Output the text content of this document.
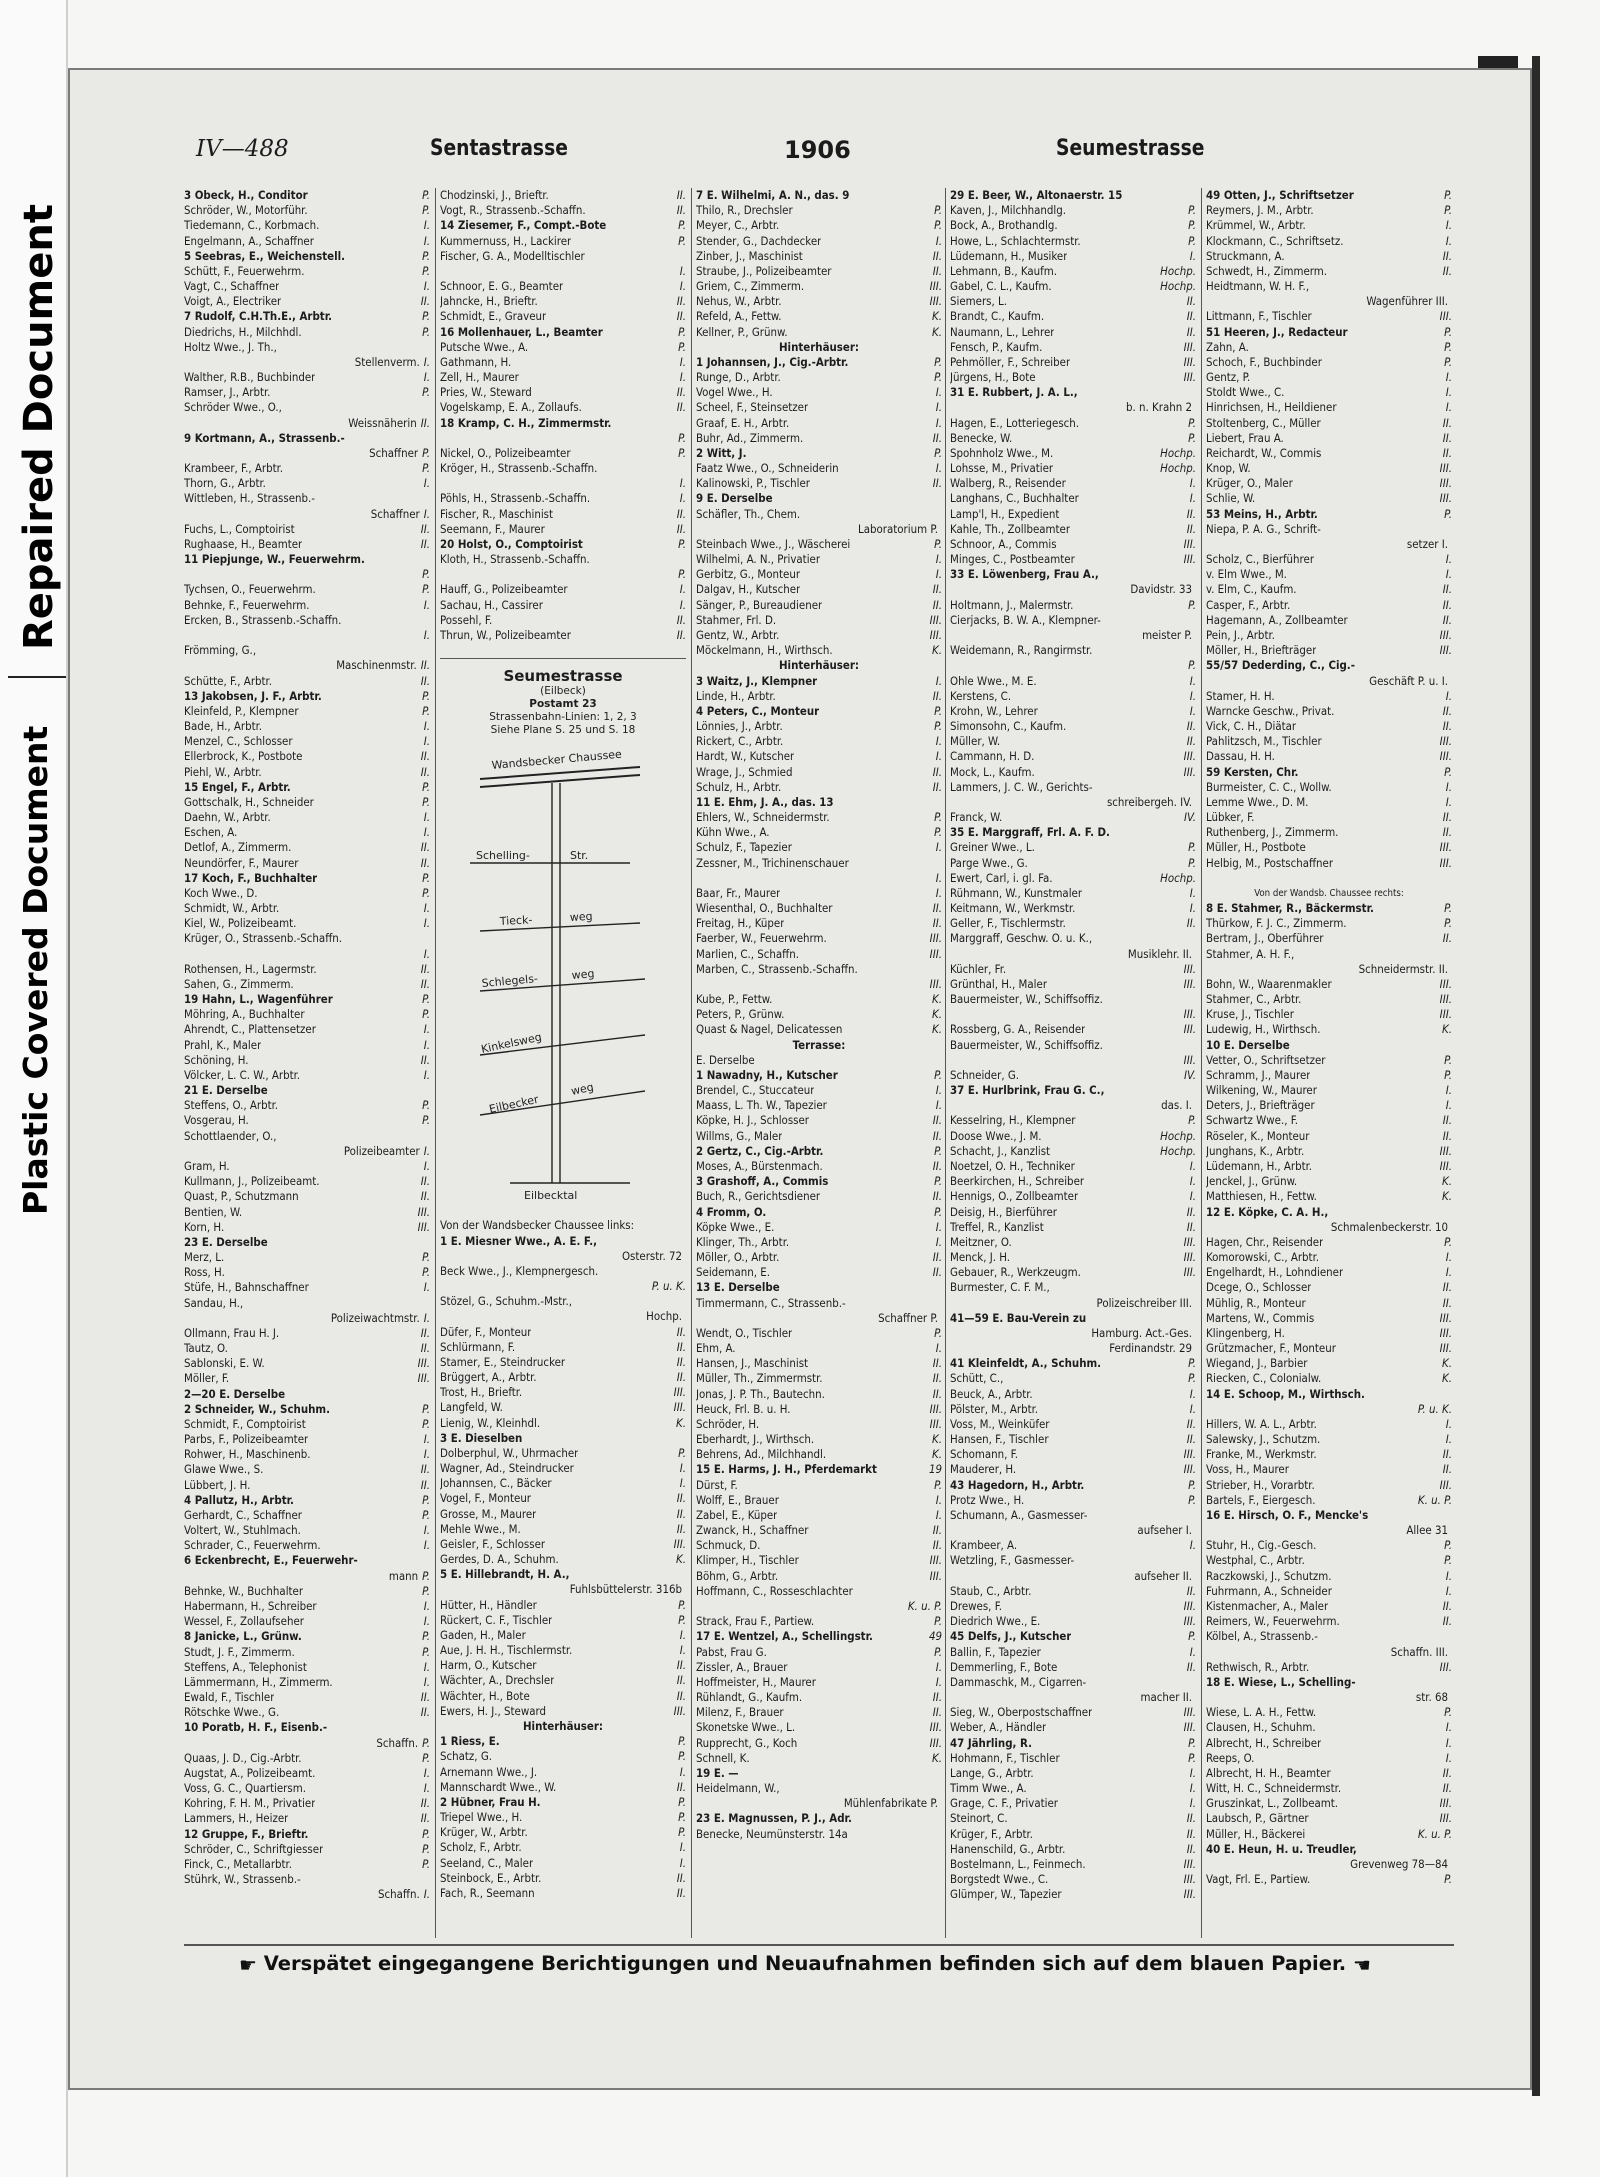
Repaired Document
Plastic Covered Document
IV—488	Sentastrasse	1906	Seumestrasse
3 Obeck, H., Conditor	P.
Schröder, W., Motorführ.	P.
Tiedemann, C., Korbmach.	I.
Engelmann, A., Schaffner	I.
5 Seebras, E., Weichenstell.	P.
Schütt, F., Feuerwehrm.	P.
Vagt, C., Schaffner	I.
Voigt, A., Electriker	II.
7 Rudolf, C.H.Th.E., Arbtr.	P.
Diedrichs, H., Milchhdl.	P.
Holtz Wwe., J. Th.,
Stellenverm. I.
Walther, R.B., Buchbinder	I.
Ramser, J., Arbtr.	P.
Schröder Wwe., O.,
Weissnäherin II.
9 Kortmann, A., Strassenb.-
Schaffner P.
Krambeer, F., Arbtr.	P.
Thorn, G., Arbtr.	I.
Wittleben, H., Strassenb.-
Schaffner I.
Fuchs, L., Comptoirist	II.
Rughaase, H., Beamter	II.
11 Piepjunge, W., Feuerwehrm.
P.
Tychsen, O., Feuerwehrm.	P.
Behnke, F., Feuerwehrm.	I.
Ercken, B., Strassenb.-Schaffn.
I.
Frömming, G.,
Maschinenmstr. II.
Schütte, F., Arbtr.	II.
13 Jakobsen, J. F., Arbtr.	P.
Kleinfeld, P., Klempner	P.
Bade, H., Arbtr.	I.
Menzel, C., Schlosser	I.
Ellerbrock, K., Postbote	II.
Piehl, W., Arbtr.	II.
15 Engel, F., Arbtr.	P.
Gottschalk, H., Schneider	P.
Daehn, W., Arbtr.	I.
Eschen, A.	I.
Detlof, A., Zimmerm.	II.
Neundörfer, F., Maurer	II.
17 Koch, F., Buchhalter	P.
Koch Wwe., D.	P.
Schmidt, W., Arbtr.	I.
Kiel, W., Polizeibeamt.	I.
Krüger, O., Strassenb.-Schaffn.
I.
Rothensen, H., Lagermstr.	II.
Sahen, G., Zimmerm.	II.
19 Hahn, L., Wagenführer	P.
Möhring, A., Buchhalter	P.
Ahrendt, C., Plattensetzer	I.
Prahl, K., Maler	I.
Schöning, H.	II.
Völcker, L. C. W., Arbtr.	I.
21 E. Derselbe
Steffens, O., Arbtr.	P.
Vosgerau, H.	P.
Schottlaender, O.,
Polizeibeamter I.
Gram, H.	I.
Kullmann, J., Polizeibeamt.	II.
Quast, P., Schutzmann	II.
Bentien, W.	III.
Korn, H.	III.
23 E. Derselbe
Merz, L.	P.
Ross, H.	P.
Stüfe, H., Bahnschaffner	I.
Sandau, H.,
Polizeiwachtmstr. I.
Ollmann, Frau H. J.	II.
Tautz, O.	II.
Sablonski, E. W.	III.
Möller, F.	III.
2—20 E. Derselbe
2 Schneider, W., Schuhm.	P.
Schmidt, F., Comptoirist	P.
Parbs, F., Polizeibeamter	I.
Rohwer, H., Maschinenb.	I.
Glawe Wwe., S.	II.
Lübbert, J. H.	II.
4 Pallutz, H., Arbtr.	P.
Gerhardt, C., Schaffner	P.
Voltert, W., Stuhlmach.	I.
Schrader, C., Feuerwehrm.	I.
6 Eckenbrecht, E., Feuerwehr-
mann P.
Behnke, W., Buchhalter	P.
Habermann, H., Schreiber	I.
Wessel, F., Zollaufseher	I.
8 Janicke, L., Grünw.	P.
Studt, J. F., Zimmerm.	P.
Steffens, A., Telephonist	I.
Lämmermann, H., Zimmerm.	I.
Ewald, F., Tischler	II.
Rötschke Wwe., G.	II.
10 Poratb, H. F., Eisenb.-
Schaffn. P.
Quaas, J. D., Cig.-Arbtr.	P.
Augstat, A., Polizeibeamt.	I.
Voss, G. C., Quartiersm.	I.
Kohring, F. H. M., Privatier	II.
Lammers, H., Heizer	II.
12 Gruppe, F., Brieftr.	P.
Schröder, C., Schriftgiesser	P.
Finck, C., Metallarbtr.	P.
Stührk, W., Strassenb.-
Schaffn. I.
Chodzinski, J., Brieftr.	II.
Vogt, R., Strassenb.-Schaffn.	II.
14 Ziesemer, F., Compt.-Bote	P.
Kummernuss, H., Lackirer	P.
Fischer, G. A., Modelltischler
I.
Schnoor, E. G., Beamter	I.
Jahncke, H., Brieftr.	II.
Schmidt, E., Graveur	II.
16 Mollenhauer, L., Beamter	P.
Putsche Wwe., A.	P.
Gathmann, H.	I.
Zell, H., Maurer	I.
Pries, W., Steward	II.
Vogelskamp, E. A., Zollaufs.	II.
18 Kramp, C. H., Zimmermstr.
P.
Nickel, O., Polizeibeamter	P.
Kröger, H., Strassenb.-Schaffn.
I.
Pöhls, H., Strassenb.-Schaffn.	I.
Fischer, R., Maschinist	II.
Seemann, F., Maurer	II.
20 Holst, O., Comptoirist	P.
Kloth, H., Strassenb.-Schaffn.
P.
Hauff, G., Polizeibeamter	I.
Sachau, H., Cassirer	I.
Possehl, F.	II.
Thrun, W., Polizeibeamter	II.
Seumestrasse
(Eilbeck)
Postamt 23
Strassenbahn-Linien: 1, 2, 3
Siehe Plane S. 25 und S. 18
Wandsbecker Chaussee
Schelling-	Str.
Tieck-	weg
Schlegels-	weg
Kinkelsweg
Eilbecker
weg
Eilbecktal
Von der Wandsbecker Chaussee links:
1 E. Miesner Wwe., A. E. F.,
Osterstr. 72
Beck Wwe., J., Klempnergesch.
P. u. K.
Stözel, G., Schuhm.-Mstr.,
Hochp.
Düfer, F., Monteur	II.
Schlürmann, F.	II.
Stamer, E., Steindrucker	II.
Brüggert, A., Arbtr.	II.
Trost, H., Brieftr.	III.
Langfeld, W.	III.
Lienig, W., Kleinhdl.	K.
3 E. Dieselben
Dolberphul, W., Uhrmacher	P.
Wagner, Ad., Steindrucker	I.
Johannsen, C., Bäcker	I.
Vogel, F., Monteur	II.
Grosse, M., Maurer	II.
Mehle Wwe., M.	II.
Geisler, F., Schlosser	III.
Gerdes, D. A., Schuhm.	K.
5 E. Hillebrandt, H. A.,
Fuhlsbüttelerstr. 316b
Hütter, H., Händler	P.
Rückert, C. F., Tischler	P.
Gaden, H., Maler	I.
Aue, J. H. H., Tischlermstr.	I.
Harm, O., Kutscher	II.
Wächter, A., Drechsler	II.
Wächter, H., Bote	II.
Ewers, H. J., Steward	III.
Hinterhäuser:
1 Riess, E.	P.
Schatz, G.	P.
Arnemann Wwe., J.	I.
Mannschardt Wwe., W.	II.
2 Hübner, Frau H.	P.
Triepel Wwe., H.	P.
Krüger, W., Arbtr.	P.
Scholz, F., Arbtr.	I.
Seeland, C., Maler	I.
Steinbock, E., Arbtr.	II.
Fach, R., Seemann	II.
7 E. Wilhelmi, A. N., das. 9
Thilo, R., Drechsler	P.
Meyer, C., Arbtr.	P.
Stender, G., Dachdecker	I.
Zinber, J., Maschinist	II.
Straube, J., Polizeibeamter	II.
Griem, C., Zimmerm.	III.
Nehus, W., Arbtr.	III.
Refeld, A., Fettw.	K.
Kellner, P., Grünw.	K.
Hinterhäuser:
1 Johannsen, J., Cig.-Arbtr.	P.
Runge, D., Arbtr.	P.
Vogel Wwe., H.	I.
Scheel, F., Steinsetzer	I.
Graaf, E. H., Arbtr.	I.
Buhr, Ad., Zimmerm.	II.
2 Witt, J.	P.
Faatz Wwe., O., Schneiderin	I.
Kalinowski, P., Tischler	II.
9 E. Derselbe
Schäfler, Th., Chem.
Laboratorium P.
Steinbach Wwe., J., Wäscherei	P.
Wilhelmi, A. N., Privatier	I.
Gerbitz, G., Monteur	I.
Dalgav, H., Kutscher	II.
Sänger, P., Bureaudiener	II.
Stahmer, Frl. D.	III.
Gentz, W., Arbtr.	III.
Möckelmann, H., Wirthsch.	K.
Hinterhäuser:
3 Waitz, J., Klempner	I.
Linde, H., Arbtr.	II.
4 Peters, C., Monteur	P.
Lönnies, J., Arbtr.	P.
Rickert, C., Arbtr.	I.
Hardt, W., Kutscher	I.
Wrage, J., Schmied	II.
Schulz, H., Arbtr.	II.
11 E. Ehm, J. A., das. 13
Ehlers, W., Schneidermstr.	P.
Kühn Wwe., A.	P.
Schulz, F., Tapezier	I.
Zessner, M., Trichinenschauer
I.
Baar, Fr., Maurer	I.
Wiesenthal, O., Buchhalter	II.
Freitag, H., Küper	II.
Faerber, W., Feuerwehrm.	III.
Marlien, C., Schaffn.	III.
Marben, C., Strassenb.-Schaffn.
III.
Kube, P., Fettw.	K.
Peters, P., Grünw.	K.
Quast & Nagel, Delicatessen	K.
Terrasse:
E. Derselbe
1 Nawadny, H., Kutscher	P.
Brendel, C., Stuccateur	I.
Maass, L. Th. W., Tapezier	I.
Köpke, H. J., Schlosser	II.
Willms, G., Maler	II.
2 Gertz, C., Cig.-Arbtr.	P.
Moses, A., Bürstenmach.	II.
3 Grashoff, A., Commis	P.
Buch, R., Gerichtsdiener	II.
4 Fromm, O.	P.
Köpke Wwe., E.	I.
Klinger, Th., Arbtr.	I.
Möller, O., Arbtr.	II.
Seidemann, E.	II.
13 E. Derselbe
Timmermann, C., Strassenb.-
Schaffner P.
Wendt, O., Tischler	P.
Ehm, A.	I.
Hansen, J., Maschinist	II.
Müller, Th., Zimmermstr.	II.
Jonas, J. P. Th., Bautechn.	II.
Heuck, Frl. B. u. H.	III.
Schröder, H.	III.
Eberhardt, J., Wirthsch.	K.
Behrens, Ad., Milchhandl.	K.
15 E. Harms, J. H., Pferdemarkt	19
Dürst, F.	P.
Wolff, E., Brauer	I.
Zabel, E., Küper	I.
Zwanck, H., Schaffner	II.
Schmuck, D.	II.
Klimper, H., Tischler	III.
Böhm, G., Arbtr.	III.
Hoffmann, C., Rosseschlachter
K. u. P.
Strack, Frau F., Partiew.	P.
17 E. Wentzel, A., Schellingstr.	49
Pabst, Frau G.	P.
Zissler, A., Brauer	I.
Hoffmeister, H., Maurer	I.
Rühlandt, G., Kaufm.	II.
Milenz, F., Brauer	II.
Skonetske Wwe., L.	III.
Rupprecht, G., Koch	III.
Schnell, K.	K.
19 E. —
Heidelmann, W.,
Mühlenfabrikate P.
23 E. Magnussen, P. J., Adr.
Benecke, Neumünsterstr. 14a
29 E. Beer, W., Altonaerstr. 15
Kaven, J., Milchhandlg.	P.
Bock, A., Brothandlg.	P.
Howe, L., Schlachtermstr.	P.
Lüdemann, H., Musiker	I.
Lehmann, B., Kaufm.	Hochp.
Gabel, C. L., Kaufm.	Hochp.
Siemers, L.	II.
Brandt, C., Kaufm.	II.
Naumann, L., Lehrer	II.
Fensch, P., Kaufm.	III.
Pehmöller, F., Schreiber	III.
Jürgens, H., Bote	III.
31 E. Rubbert, J. A. L.,
b. n. Krahn 2
Hagen, E., Lotteriegesch.	P.
Benecke, W.	P.
Spohnholz Wwe., M.	Hochp.
Lohsse, M., Privatier	Hochp.
Walberg, R., Reisender	I.
Langhans, C., Buchhalter	I.
Lamp'l, H., Expedient	II.
Kahle, Th., Zollbeamter	II.
Schnoor, A., Commis	III.
Minges, C., Postbeamter	III.
33 E. Löwenberg, Frau A.,
Davidstr. 33
Holtmann, J., Malermstr.	P.
Cierjacks, B. W. A., Klempner-
meister P.
Weidemann, R., Rangirmstr.
P.
Ohle Wwe., M. E.	I.
Kerstens, C.	I.
Krohn, W., Lehrer	I.
Simonsohn, C., Kaufm.	II.
Müller, W.	II.
Cammann, H. D.	III.
Mock, L., Kaufm.	III.
Lammers, J. C. W., Gerichts-
schreibergeh. IV.
Franck, W.	IV.
35 E. Marggraff, Frl. A. F. D.
Greiner Wwe., L.	P.
Parge Wwe., G.	P.
Ewert, Carl, i. gl. Fa.	Hochp.
Rühmann, W., Kunstmaler	I.
Keitmann, W., Werkmstr.	I.
Geller, F., Tischlermstr.	II.
Marggraff, Geschw. O. u. K.,
Musiklehr. II.
Küchler, Fr.	III.
Grünthal, H., Maler	III.
Bauermeister, W., Schiffsoffiz.
III.
Rossberg, G. A., Reisender	III.
Bauermeister, W., Schiffsoffiz.
III.
Schneider, G.	IV.
37 E. Hurlbrink, Frau G. C.,
das. I.
Kesselring, H., Klempner	P.
Doose Wwe., J. M.	Hochp.
Schacht, J., Kanzlist	Hochp.
Noetzel, O. H., Techniker	I.
Beerkirchen, H., Schreiber	I.
Hennigs, O., Zollbeamter	I.
Deisig, H., Bierführer	II.
Treffel, R., Kanzlist	II.
Meitzner, O.	III.
Menck, J. H.	III.
Gebauer, R., Werkzeugm.	III.
Burmester, C. F. M.,
Polizeischreiber III.
41—59 E. Bau-Verein zu
Hamburg. Act.-Ges.
Ferdinandstr. 29
41 Kleinfeldt, A., Schuhm.	P.
Schütt, C.,	P.
Beuck, A., Arbtr.	I.
Pölster, M., Arbtr.	I.
Voss, M., Weinküfer	II.
Hansen, F., Tischler	II.
Schomann, F.	III.
Mauderer, H.	III.
43 Hagedorn, H., Arbtr.	P.
Protz Wwe., H.	P.
Schumann, A., Gasmesser-
aufseher I.
Krambeer, A.	I.
Wetzling, F., Gasmesser-
aufseher II.
Staub, C., Arbtr.	II.
Drewes, F.	III.
Diedrich Wwe., E.	III.
45 Delfs, J., Kutscher	P.
Ballin, F., Tapezier	I.
Demmerling, F., Bote	II.
Dammaschk, M., Cigarren-
macher II.
Sieg, W., Oberpostschaffner	III.
Weber, A., Händler	III.
47 Jährling, R.	P.
Hohmann, F., Tischler	P.
Lange, G., Arbtr.	I.
Timm Wwe., A.	I.
Grage, C. F., Privatier	I.
Steinort, C.	II.
Krüger, F., Arbtr.	II.
Hanenschild, G., Arbtr.	II.
Bostelmann, L., Feinmech.	III.
Borgstedt Wwe., C.	III.
Glümper, W., Tapezier	III.
49 Otten, J., Schriftsetzer	P.
Reymers, J. M., Arbtr.	P.
Krümmel, W., Arbtr.	I.
Klockmann, C., Schriftsetz.	I.
Struckmann, A.	II.
Schwedt, H., Zimmerm.	II.
Heidtmann, W. H. F.,
Wagenführer III.
Littmann, F., Tischler	III.
51 Heeren, J., Redacteur	P.
Zahn, A.	P.
Schoch, F., Buchbinder	P.
Gentz, P.	I.
Stoldt Wwe., C.	I.
Hinrichsen, H., Heildiener	I.
Stoltenberg, C., Müller	II.
Liebert, Frau A.	II.
Reichardt, W., Commis	II.
Knop, W.	III.
Krüger, O., Maler	III.
Schlie, W.	III.
53 Meins, H., Arbtr.	P.
Niepa, P. A. G., Schrift-
setzer I.
Scholz, C., Bierführer	I.
v. Elm Wwe., M.	I.
v. Elm, C., Kaufm.	II.
Casper, F., Arbtr.	II.
Hagemann, A., Zollbeamter	II.
Pein, J., Arbtr.	III.
Möller, H., Briefträger	III.
55/57 Dederding, C., Cig.-
Geschäft P. u. I.
Stamer, H. H.	I.
Warncke Geschw., Privat.	II.
Vick, C. H., Diätar	II.
Pahlitzsch, M., Tischler	III.
Dassau, H. H.	III.
59 Kersten, Chr.	P.
Burmeister, C. C., Wollw.	I.
Lemme Wwe., D. M.	I.
Lübker, F.	II.
Ruthenberg, J., Zimmerm.	II.
Müller, H., Postbote	III.
Helbig, M., Postschaffner	III.
Von der Wandsb. Chaussee rechts:
8 E. Stahmer, R., Bäckermstr.	P.
Thürkow, F. J. C., Zimmerm.	P.
Bertram, J., Oberführer	II.
Stahmer, A. H. F.,
Schneidermstr. II.
Bohn, W., Waarenmakler	III.
Stahmer, C., Arbtr.	III.
Kruse, J., Tischler	III.
Ludewig, H., Wirthsch.	K.
10 E. Derselbe
Vetter, O., Schriftsetzer	P.
Schramm, J., Maurer	P.
Wilkening, W., Maurer	I.
Deters, J., Briefträger	I.
Schwartz Wwe., F.	II.
Röseler, K., Monteur	II.
Junghans, K., Arbtr.	III.
Lüdemann, H., Arbtr.	III.
Jenckel, J., Grünw.	K.
Matthiesen, H., Fettw.	K.
12 E. Köpke, C. A. H.,
Schmalenbeckerstr. 10
Hagen, Chr., Reisender	P.
Komorowski, C., Arbtr.	I.
Engelhardt, H., Lohndiener	I.
Dcege, O., Schlosser	II.
Mühlig, R., Monteur	II.
Martens, W., Commis	III.
Klingenberg, H.	III.
Grützmacher, F., Monteur	III.
Wiegand, J., Barbier	K.
Riecken, C., Colonialw.	K.
14 E. Schoop, M., Wirthsch.
P. u. K.
Hillers, W. A. L., Arbtr.	I.
Salewsky, J., Schutzm.	I.
Franke, M., Werkmstr.	II.
Voss, H., Maurer	II.
Strieber, H., Vorarbtr.	III.
Bartels, F., Eiergesch.	K. u. P.
16 E. Hirsch, O. F., Mencke's
Allee 31
Stuhr, H., Cig.-Gesch.	P.
Westphal, C., Arbtr.	P.
Raczkowski, J., Schutzm.	I.
Fuhrmann, A., Schneider	I.
Kistenmacher, A., Maler	II.
Reimers, W., Feuerwehrm.	II.
Kölbel, A., Strassenb.-
Schaffn. III.
Rethwisch, R., Arbtr.	III.
18 E. Wiese, L., Schelling-
str. 68
Wiese, L. A. H., Fettw.	P.
Clausen, H., Schuhm.	I.
Albrecht, H., Schreiber	I.
Reeps, O.	I.
Albrecht, H. H., Beamter	II.
Witt, H. C., Schneidermstr.	II.
Gruszinkat, L., Zollbeamt.	III.
Laubsch, P., Gärtner	III.
Müller, H., Bäckerei	K. u. P.
40 E. Heun, H. u. Treudler,
Grevenweg 78—84
Vagt, Frl. E., Partiew.	P.
☛ Verspätet eingegangene Berichtigungen und Neuaufnahmen befinden sich auf dem blauen Papier. ☚
